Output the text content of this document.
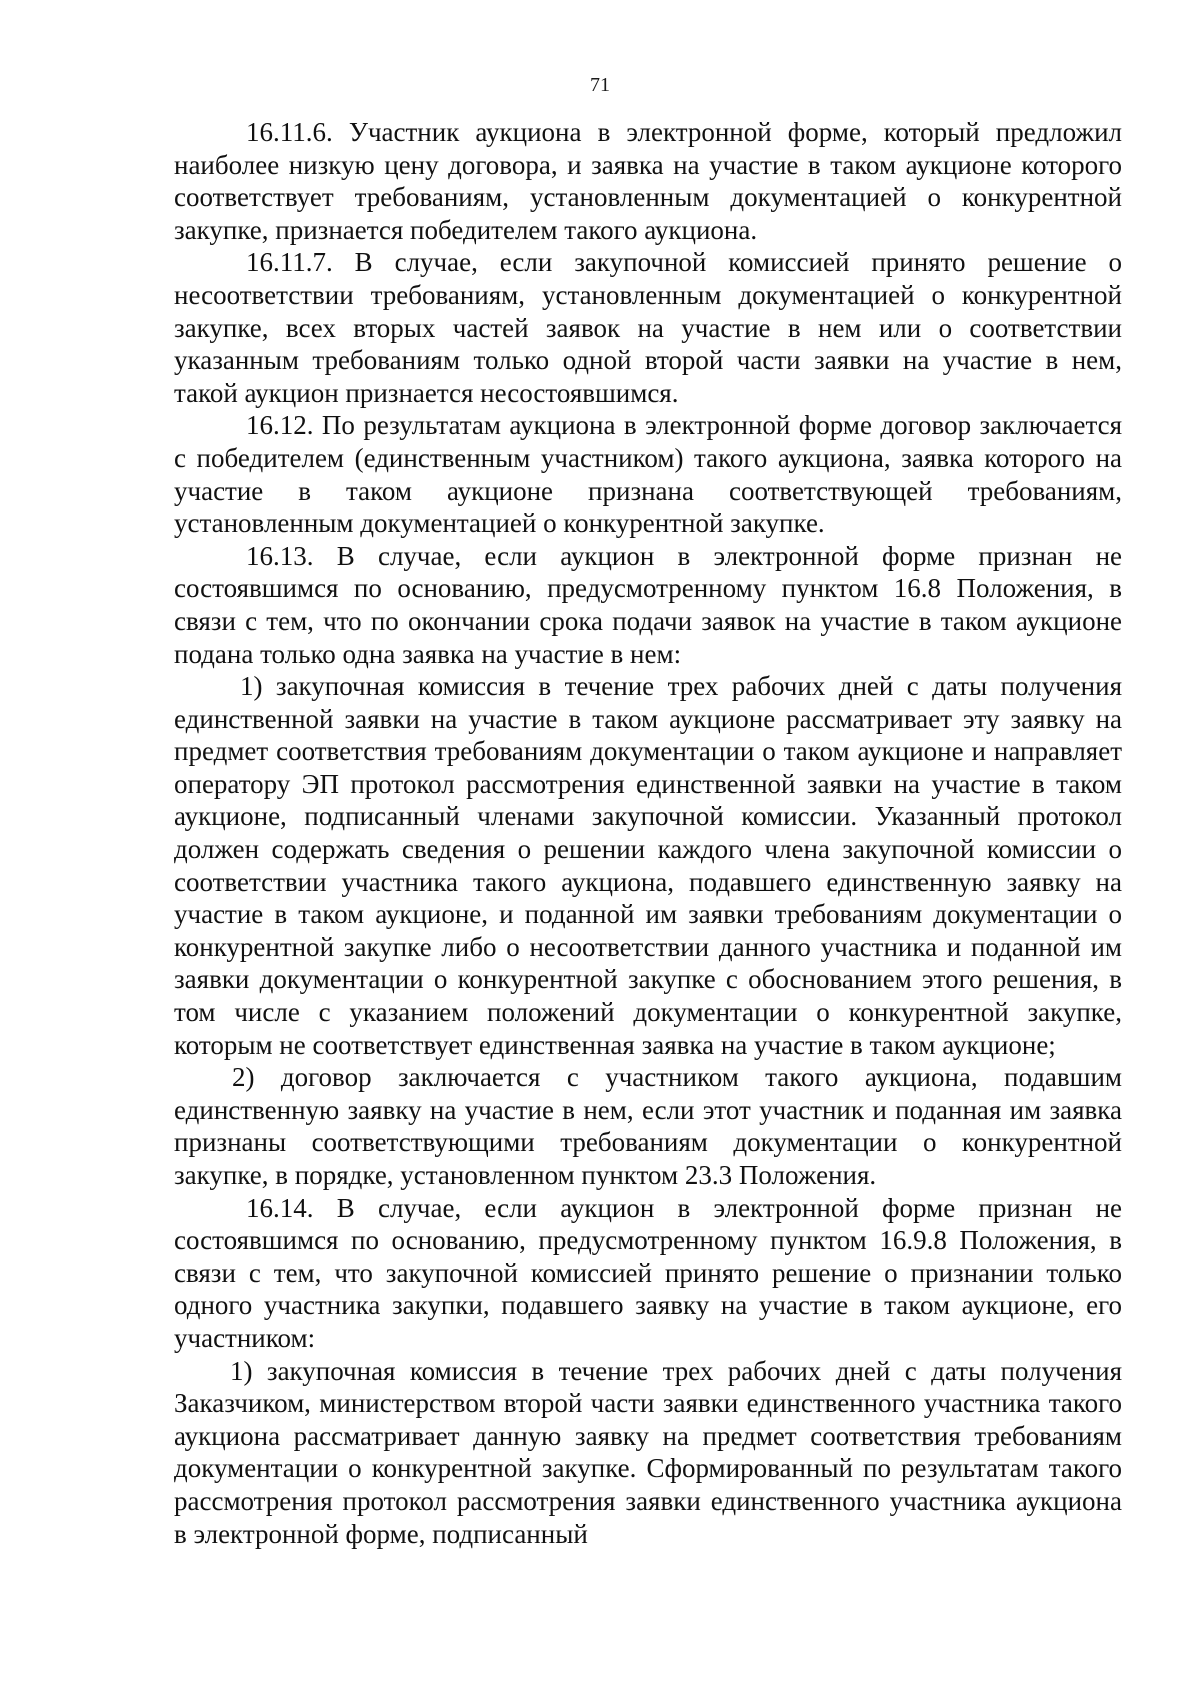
71

16.11.6. Участник аукциона в электронной форме, который предложил наиболее низкую цену договора, и заявка на участие в таком аукционе которого соответствует требованиям, установленным документацией о конкурентной закупке, признается победителем такого аукциона.

16.11.7. В случае, если закупочной комиссией принято решение о несоответствии требованиям, установленным документацией о конкурентной закупке, всех вторых частей заявок на участие в нем или о соответствии указанным требованиям только одной второй части заявки на участие в нем, такой аукцион признается несостоявшимся.

16.12. По результатам аукциона в электронной форме договор заключается с победителем (единственным участником) такого аукциона, заявка которого на участие в таком аукционе признана соответствующей требованиям, установленным документацией о конкурентной закупке.

16.13. В случае, если аукцион в электронной форме признан не состоявшимся по основанию, предусмотренному пунктом 16.8 Положения, в связи с тем, что по окончании срока подачи заявок на участие в таком аукционе подана только одна заявка на участие в нем:

1) закупочная комиссия в течение трех рабочих дней с даты получения единственной заявки на участие в таком аукционе рассматривает эту заявку на предмет соответствия требованиям документации о таком аукционе и направляет оператору ЭП протокол рассмотрения единственной заявки на участие в таком аукционе, подписанный членами закупочной комиссии. Указанный протокол должен содержать сведения о решении каждого члена закупочной комиссии о соответствии участника такого аукциона, подавшего единственную заявку на участие в таком аукционе, и поданной им заявки требованиям документации о конкурентной закупке либо о несоответствии данного участника и поданной им заявки документации о конкурентной закупке с обоснованием этого решения, в том числе с указанием положений документации о конкурентной закупке, которым не соответствует единственная заявка на участие в таком аукционе;

2) договор заключается с участником такого аукциона, подавшим единственную заявку на участие в нем, если этот участник и поданная им заявка признаны соответствующими требованиям документации о конкурентной закупке, в порядке, установленном пунктом 23.3 Положения.

16.14. В случае, если аукцион в электронной форме признан не состоявшимся по основанию, предусмотренному пунктом 16.9.8 Положения, в связи с тем, что закупочной комиссией принято решение о признании только одного участника закупки, подавшего заявку на участие в таком аукционе, его участником:

1) закупочная комиссия в течение трех рабочих дней с даты получения Заказчиком, министерством второй части заявки единственного участника такого аукциона рассматривает данную заявку на предмет соответствия требованиям документации о конкурентной закупке. Сформированный по результатам такого рассмотрения протокол рассмотрения заявки единственного участника аукциона в электронной форме, подписанный
